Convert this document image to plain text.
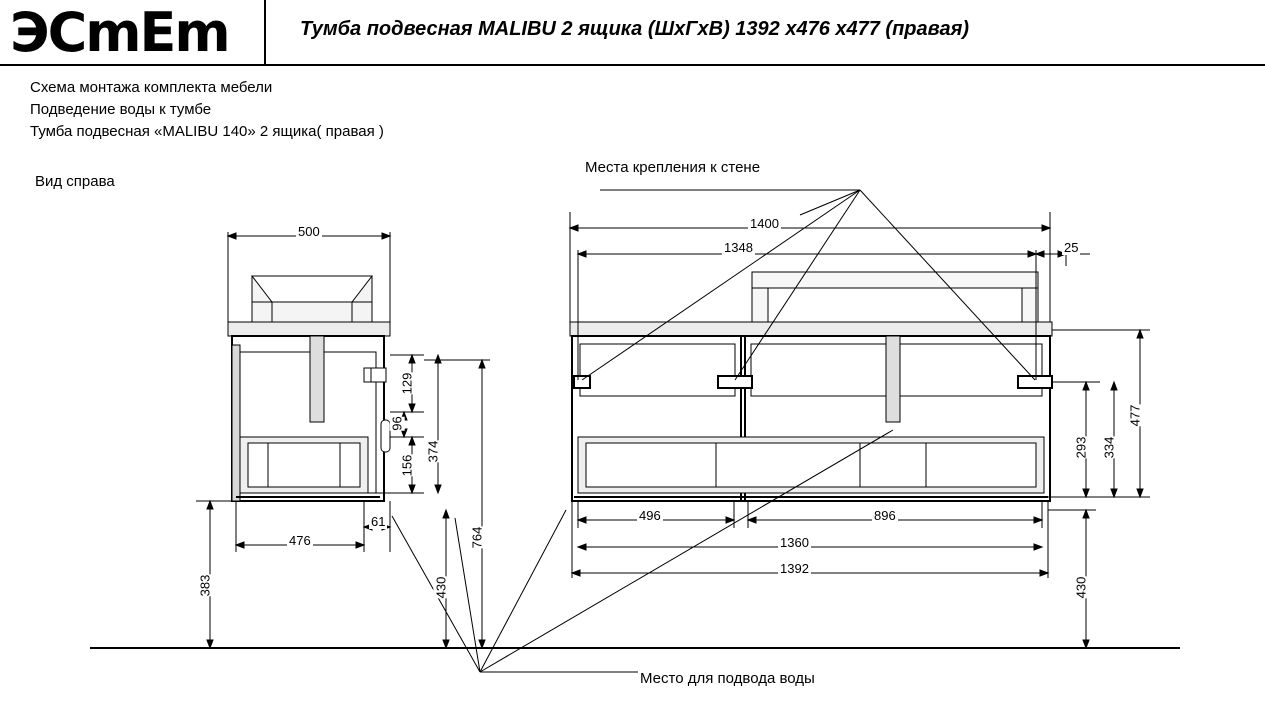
ЭСmEm	Тумба подвесная MALIBU 2 ящика (ШхГхВ) 1392 х476 х477 (правая)
Схема монтажа комплекта мебели
Подведение воды к тумбе
Тумба подвесная «MALIBU 140» 2 ящика( правая )
Вид справа
Места крепления к стене
Место для подвода воды
500
476
61
129
96
156
374
764
430
383
1400
1348	25
496	896
1360
1392
477
334
293
430
